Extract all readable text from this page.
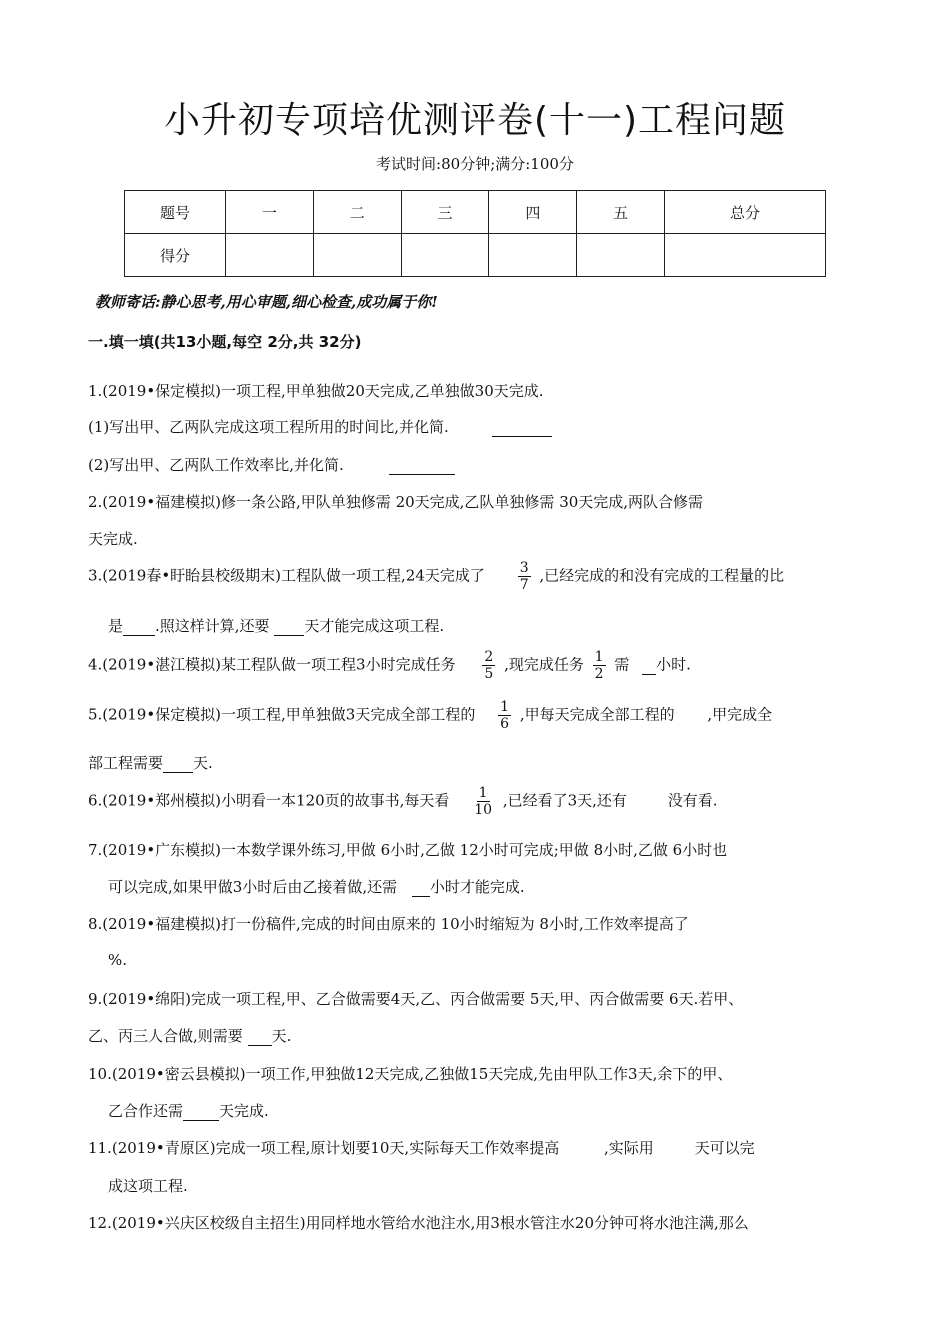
小升初专项培优测评卷(十一)工程问题
考试时间:80分钟;满分:100分
题号	一	二	三	四	五	总分
得分						
教师寄话:静心思考,用心审题,细心检查,成功属于你!
一.填一填(共13小题,每空 2分,共 32分)
1.(2019•保定模拟)一项工程,甲单独做20天完成,乙单独做30天完成.
(1)写出甲、乙两队完成这项工程所用的时间比,并化简.
(2)写出甲、乙两队工作效率比,并化简.
2.(2019•福建模拟)修一条公路,甲队单独修需 20天完成,乙队单独修需 30天完成,两队合修需
天完成.
3.(2019春•盱眙县校级期末)工程队做一项工程,24天完成了 $\frac{3}{7}$ ,已经完成的和没有完成的工程量的比
是 .照这样计算,还要 天才能完成这项工程.
4.(2019•湛江模拟)某工程队做一项工程3小时完成任务 $\frac{2}{5}$ ,现完成任务 $\frac{1}{2}$ 需 小时.
5.(2019•保定模拟)一项工程,甲单独做3天完成全部工程的 $\frac{1}{6}$ ,甲每天完成全部工程的 ,甲完成全
部工程需要 天.
6.(2019•郑州模拟)小明看一本120页的故事书,每天看 $\frac{1}{10}$ ,已经看了3天,还有	没有看.
7.(2019•广东模拟)一本数学课外练习,甲做 6小时,乙做 12小时可完成;甲做 8小时,乙做 6小时也
可以完成,如果甲做3小时后由乙接着做,还需 小时才能完成.
8.(2019•福建模拟)打一份稿件,完成的时间由原来的 10小时缩短为 8小时,工作效率提高了
%.
9.(2019•绵阳)完成一项工程,甲、乙合做需要4天,乙、丙合做需要 5天,甲、丙合做需要 6天.若甲、
乙、丙三人合做,则需要 天.
10.(2019•密云县模拟)一项工作,甲独做12天完成,乙独做15天完成,先由甲队工作3天,余下的甲、
乙合作还需 天完成.
11.(2019•青原区)完成一项工程,原计划要10天,实际每天工作效率提高	,实际用	天可以完
成这项工程.
12.(2019•兴庆区校级自主招生)用同样地水管给水池注水,用3根水管注水20分钟可将水池注满,那么
